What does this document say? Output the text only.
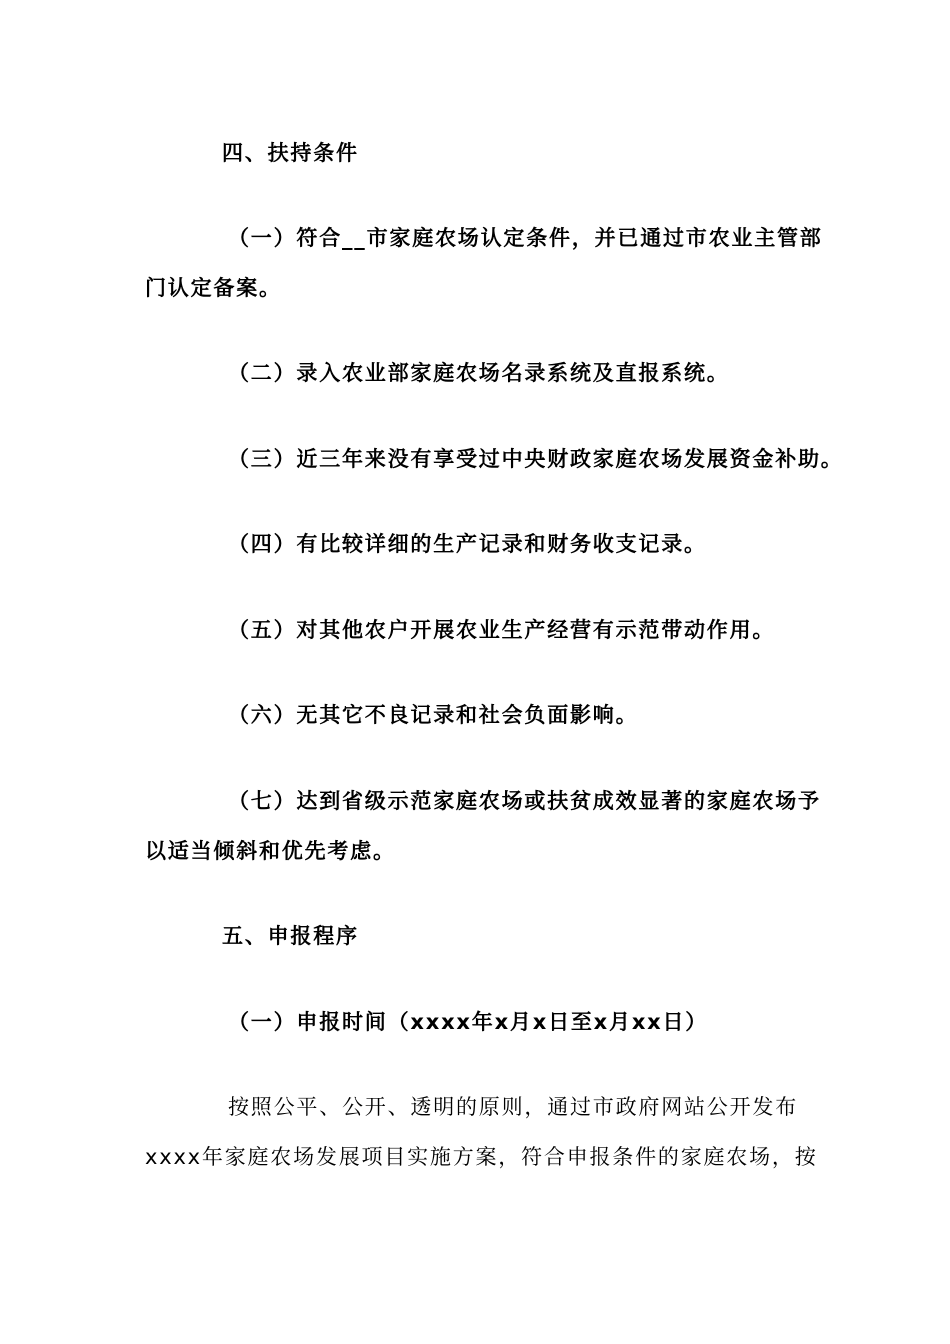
四、扶持条件
（一）符合__市家庭农场认定条件，并已通过市农业主管部
门认定备案。
（二）录入农业部家庭农场名录系统及直报系统。
（三）近三年来没有享受过中央财政家庭农场发展资金补助。
（四）有比较详细的生产记录和财务收支记录。
（五）对其他农户开展农业生产经营有示范带动作用。
（六）无其它不良记录和社会负面影响。
（七）达到省级示范家庭农场或扶贫成效显著的家庭农场予
以适当倾斜和优先考虑。
五、申报程序
（一）申报时间（xxxx年x月x日至x月xx日）
按照公平、公开、透明的原则，通过市政府网站公开发布
xxxx年家庭农场发展项目实施方案，符合申报条件的家庭农场，按
